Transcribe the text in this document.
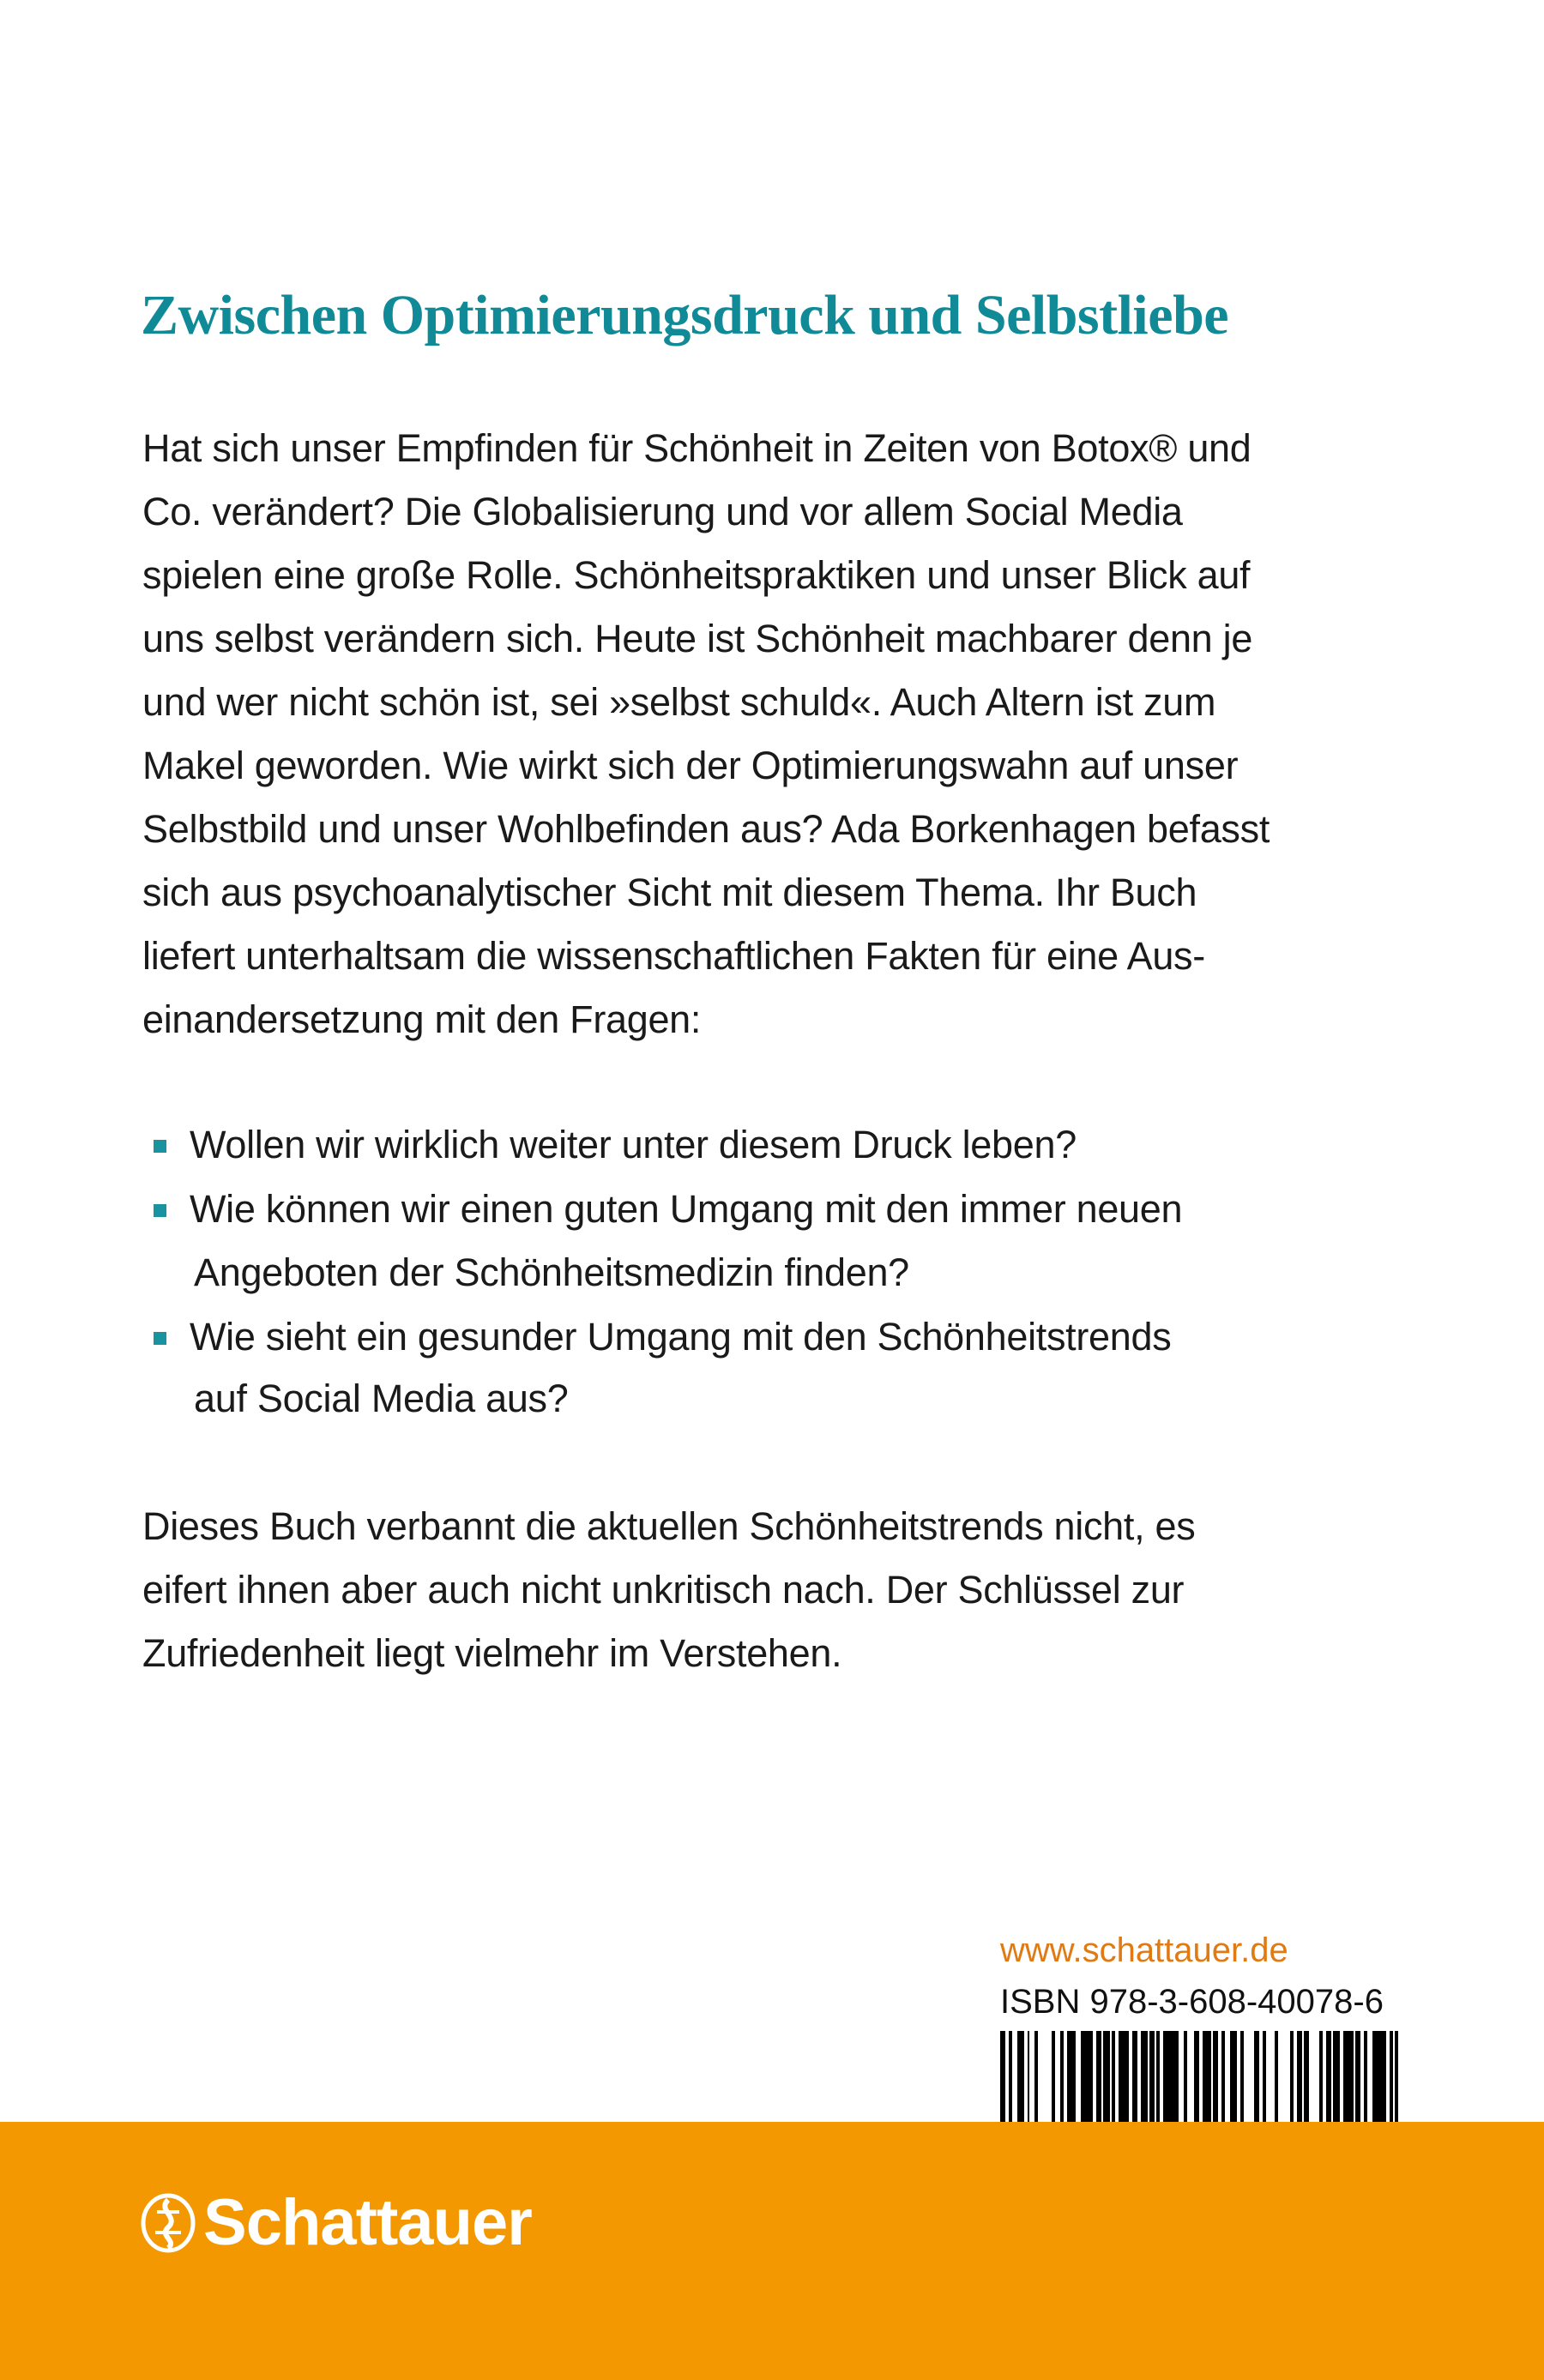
Zwischen Optimierungsdruck und Selbstliebe
Hat sich unser Empfinden für Schönheit in Zeiten von Botox® und
Co. verändert? Die Globalisierung und vor allem Social Media
spielen eine große Rolle. Schönheitspraktiken und unser Blick auf
uns selbst verändern sich. Heute ist Schönheit machbarer denn je
und wer nicht schön ist, sei »selbst schuld«. Auch Altern ist zum
Makel geworden. Wie wirkt sich der Optimierungswahn auf unser
Selbstbild und unser Wohlbefinden aus? Ada Borkenhagen befasst
sich aus psychoanalytischer Sicht mit diesem Thema. Ihr Buch
liefert unterhaltsam die wissenschaftlichen Fakten für eine Aus-
einandersetzung mit den Fragen:
Wollen wir wirklich weiter unter diesem Druck leben?
Wie können wir einen guten Umgang mit den immer neuen
Angeboten der Schönheitsmedizin finden?
Wie sieht ein gesunder Umgang mit den Schönheitstrends
auf Social Media aus?
Dieses Buch verbannt die aktuellen Schönheitstrends nicht, es
eifert ihnen aber auch nicht unkritisch nach. Der Schlüssel zur
Zufriedenheit liegt vielmehr im Verstehen.
www.schattauer.de
ISBN 978-3-608-40078-6
Schattauer
